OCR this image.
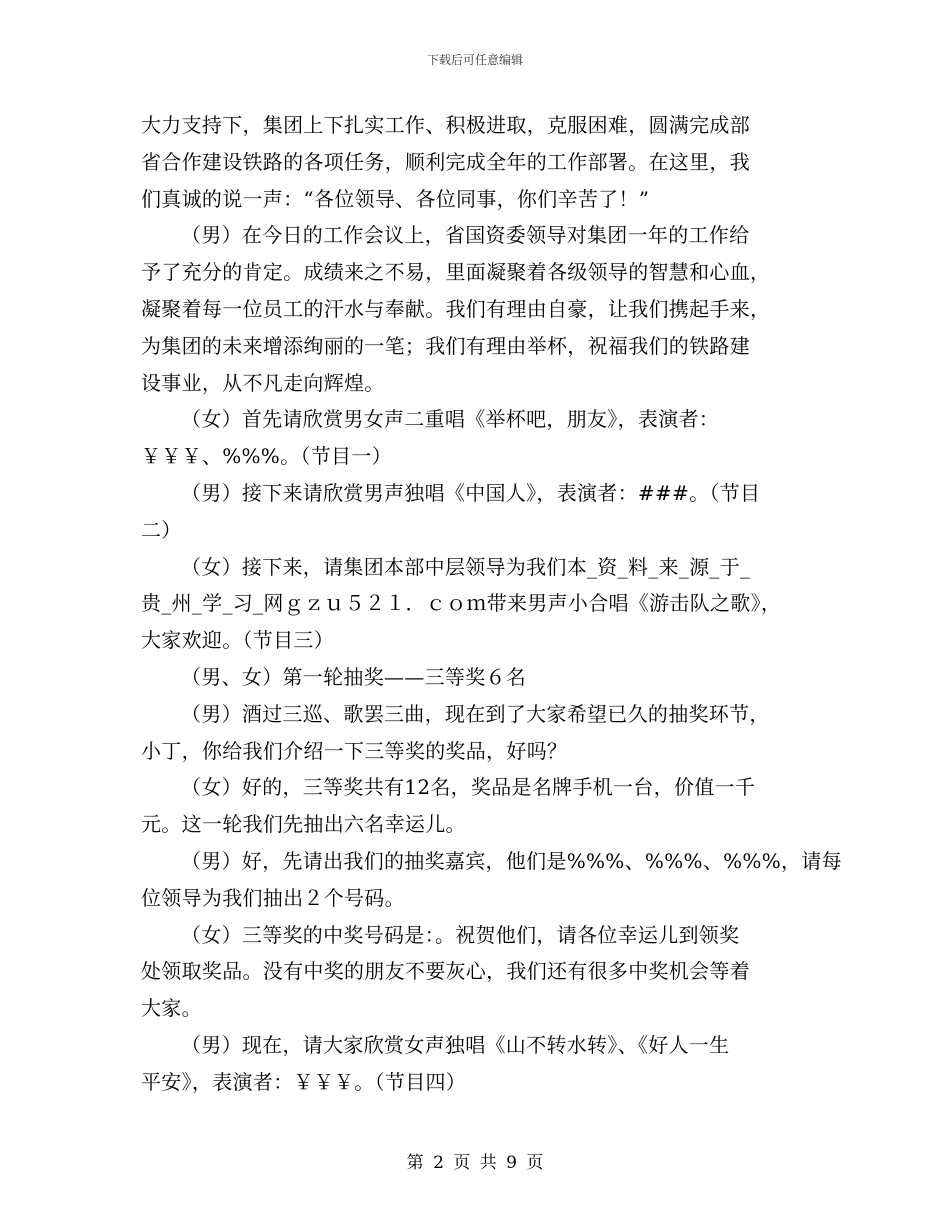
下载后可任意编辑
大力支持下，集团上下扎实工作、积极进取，克服困难，圆满完成部
省合作建设铁路的各项任务，顺利完成全年的工作部署。在这里，我
们真诚的说一声：“各位领导、各位同事，你们辛苦了！”
（男）在今日的工作会议上，省国资委领导对集团一年的工作给
予了充分的肯定。成绩来之不易，里面凝聚着各级领导的智慧和心血，
凝聚着每一位员工的汗水与奉献。我们有理由自豪，让我们携起手来，
为集团的未来增添绚丽的一笔；我们有理由举杯，祝福我们的铁路建
设事业，从不凡走向辉煌。
（女）首先请欣赏男女声二重唱《举杯吧，朋友》，表演者：
￥￥￥、%%%。（节目一）
（男）接下来请欣赏男声独唱《中国人》，表演者：###。（节目
二）
（女）接下来，请集团本部中层领导为我们本_资_料_来_源_于_
贵_州_学_习_网ｇｚｕ５２１．ｃｏｍ带来男声小合唱《游击队之歌》，
大家欢迎。（节目三）
（男、女）第一轮抽奖——三等奖６名
（男）酒过三巡、歌罢三曲，现在到了大家希望已久的抽奖环节，
小丁，你给我们介绍一下三等奖的奖品，好吗？
（女）好的，三等奖共有12名，奖品是名牌手机一台，价值一千
元。这一轮我们先抽出六名幸运儿。
（男）好，先请出我们的抽奖嘉宾，他们是%%%、%%%、%%%，请每
位领导为我们抽出２个号码。
（女）三等奖的中奖号码是：。祝贺他们，请各位幸运儿到领奖
处领取奖品。没有中奖的朋友不要灰心，我们还有很多中奖机会等着
大家。
（男）现在，请大家欣赏女声独唱《山不转水转》、《好人一生
平安》，表演者：￥￥￥。（节目四）
第 2 页 共 9 页
